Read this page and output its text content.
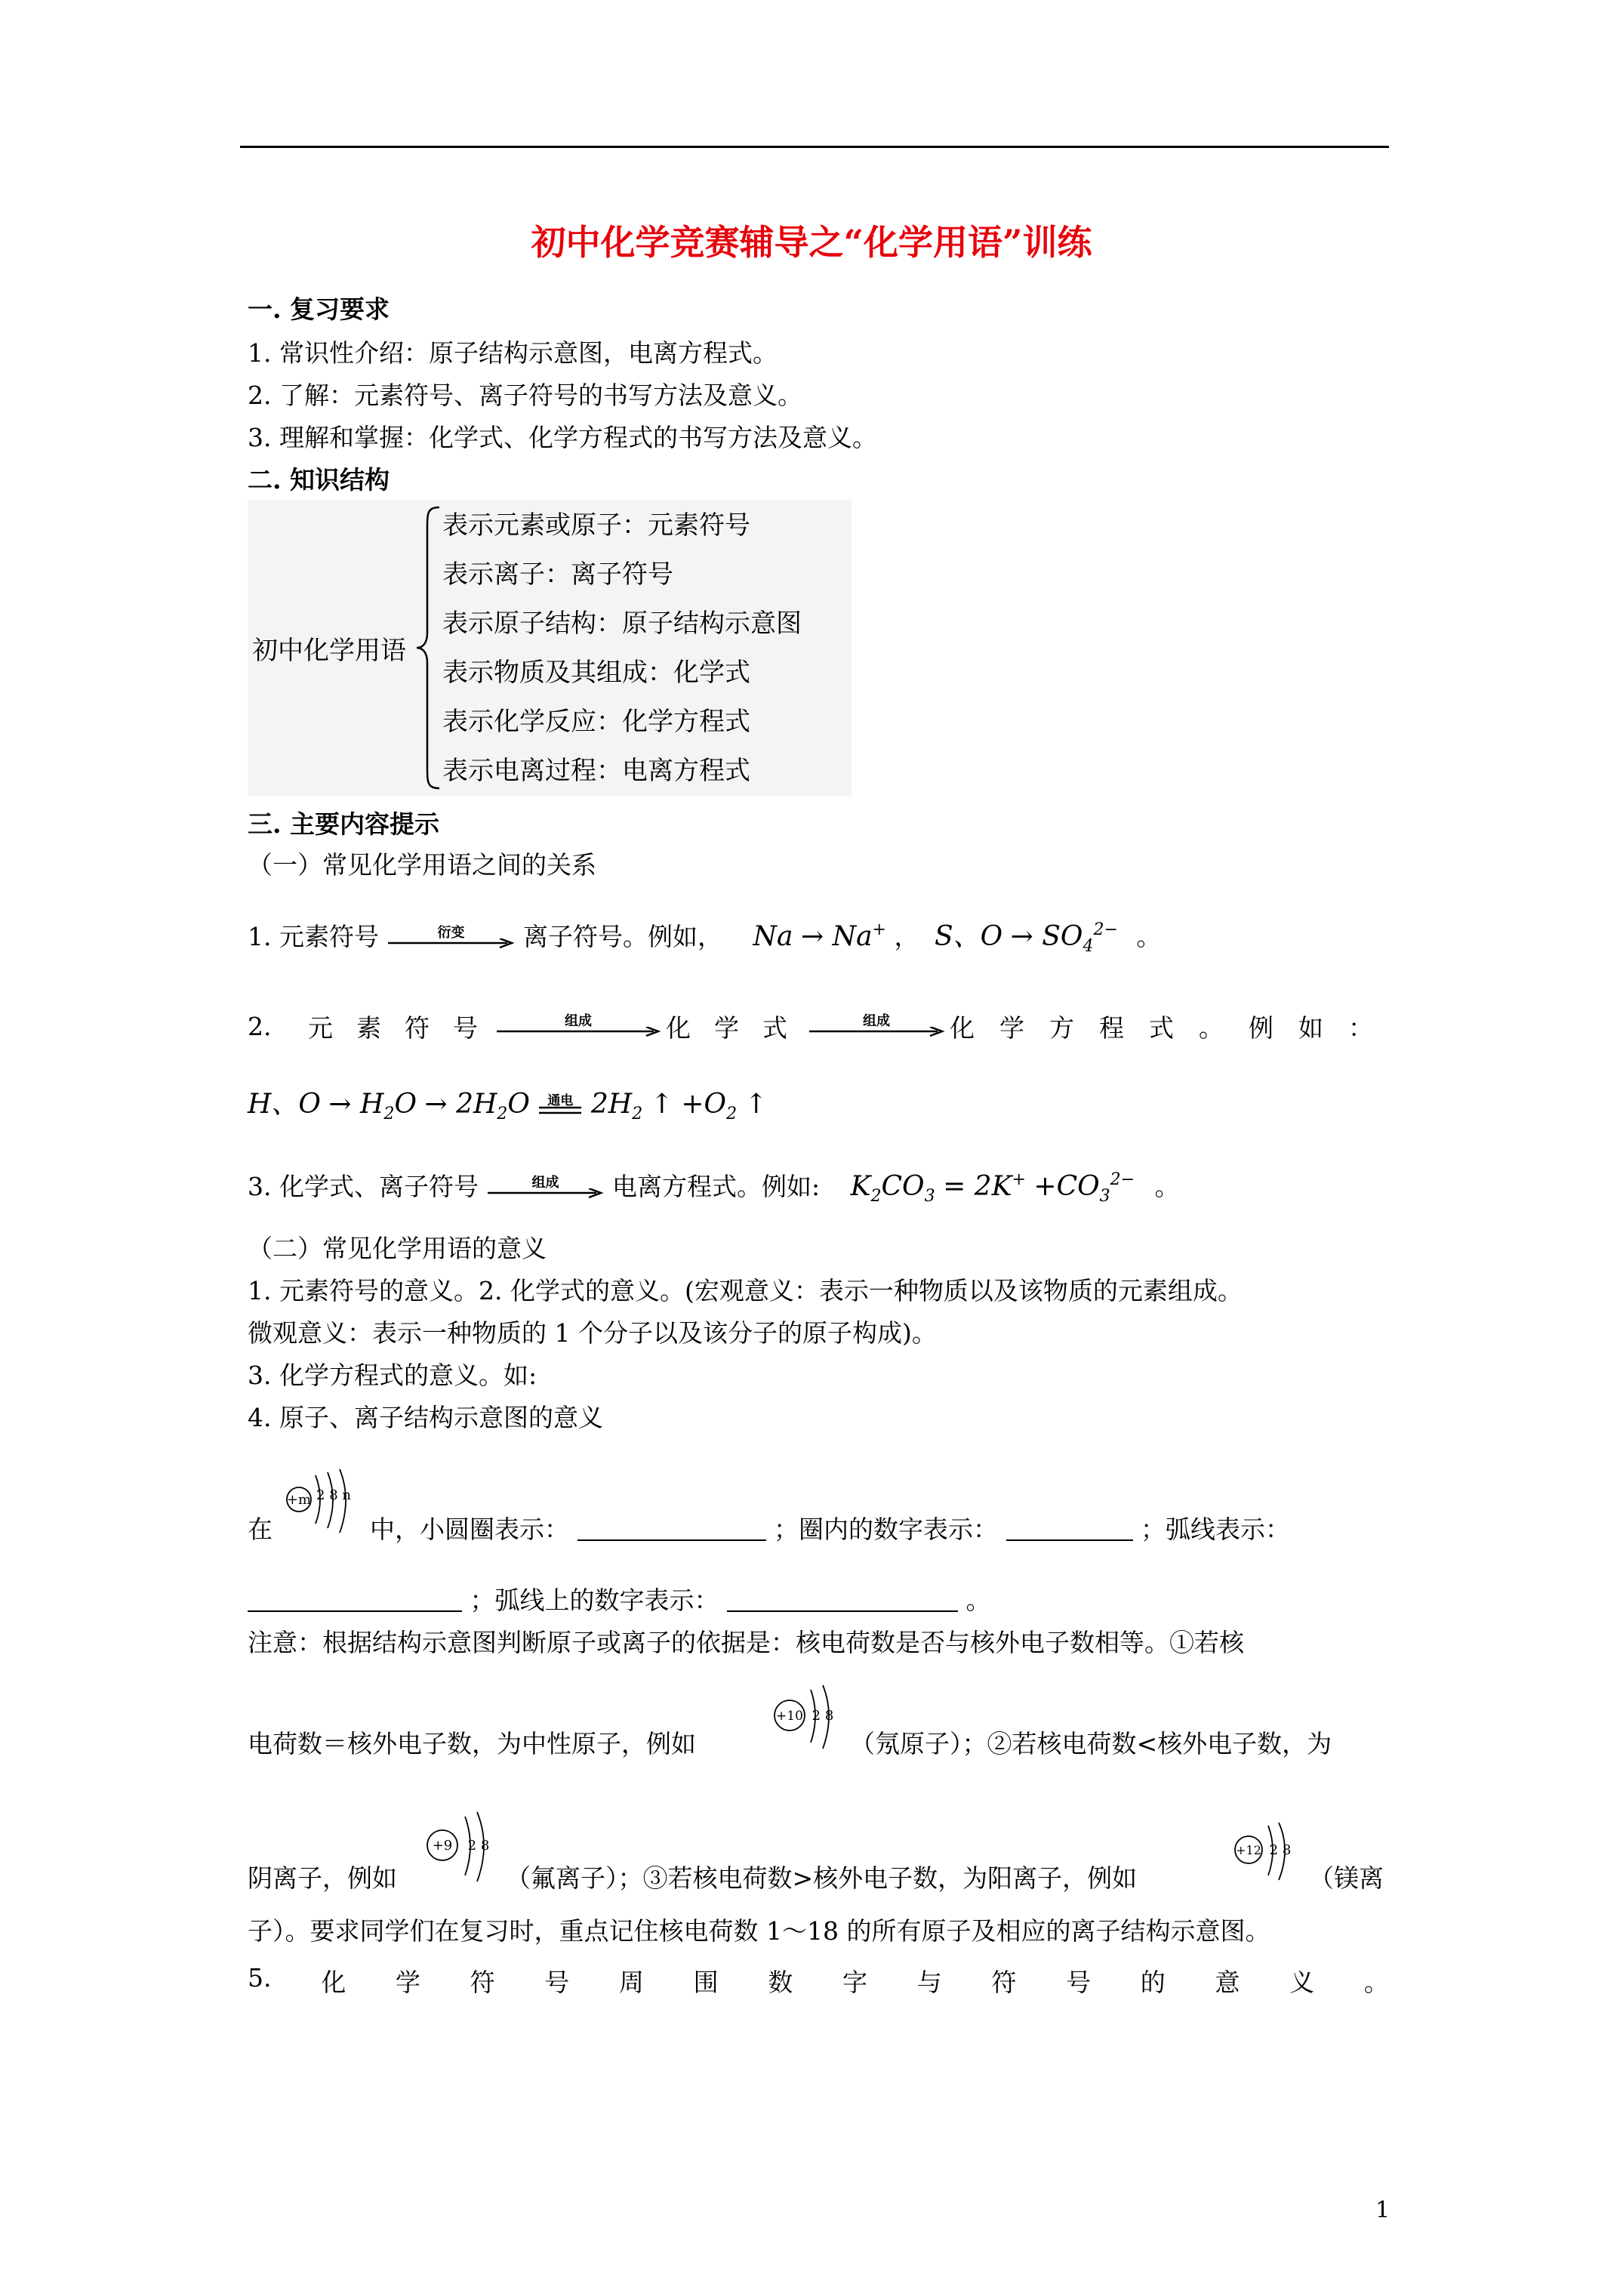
初中化学竞赛辅导之“化学用语”训练
一. 复习要求
1. 常识性介绍：原子结构示意图，电离方程式。
2. 了解：元素符号、离子符号的书写方法及意义。
3. 理解和掌握：化学式、化学方程式的书写方法及意义。
二. 知识结构
初中化学用语
表示元素或原子：元素符号
表示离子：离子符号
表示原子结构：原子结构示意图
表示物质及其组成：化学式
表示化学反应：化学方程式
表示电离过程：电离方程式
三. 主要内容提示
（一）常见化学用语之间的关系
1. 元素符号	衍变	离子符号。例如， Na → Na+ ， S、$O \to SO_4^{2-}$ 。
2.	元 素 符 号	组成	化 学 式	组成	化	学	方	程	式	。	例	如	：
H、$O \to H_2O \to 2H_2O$	通电 $2H_2$ ↑ $+O_2$ ↑
3. 化学式、离子符号	组成	电离方程式。例如: $K_2CO_3 = 2K^+ +CO_3^{2-}$ 。
（二）常见化学用语的意义
1. 元素符号的意义。2. 化学式的意义。(宏观意义：表示一种物质以及该物质的元素组成。
微观意义：表示一种物质的 1 个分子以及该分子的原子构成)。
3. 化学方程式的意义。如:
4. 原子、离子结构示意图的意义
在
+m 2 8 n
中，小圆圈表示：	；圈内的数字表示：	；弧线表示：
；弧线上的数字表示：	。
注意：根据结构示意图判断原子或离子的依据是：核电荷数是否与核外电子数相等。①若核
电荷数＝核外电子数，为中性原子，例如
+10 2 8
（氖原子）；②若核电荷数<核外电子数，为
阴离子，例如
+9 2 8
（氟离子）；③若核电荷数>核外电子数，为阳离子，例如
+12 2 8
（镁离
子）。要求同学们在复习时，重点记住核电荷数 1～18 的所有原子及相应的离子结构示意图。
5. 化 学 符 号 周 围 数 字 与 符 号 的 意 义 。
1
